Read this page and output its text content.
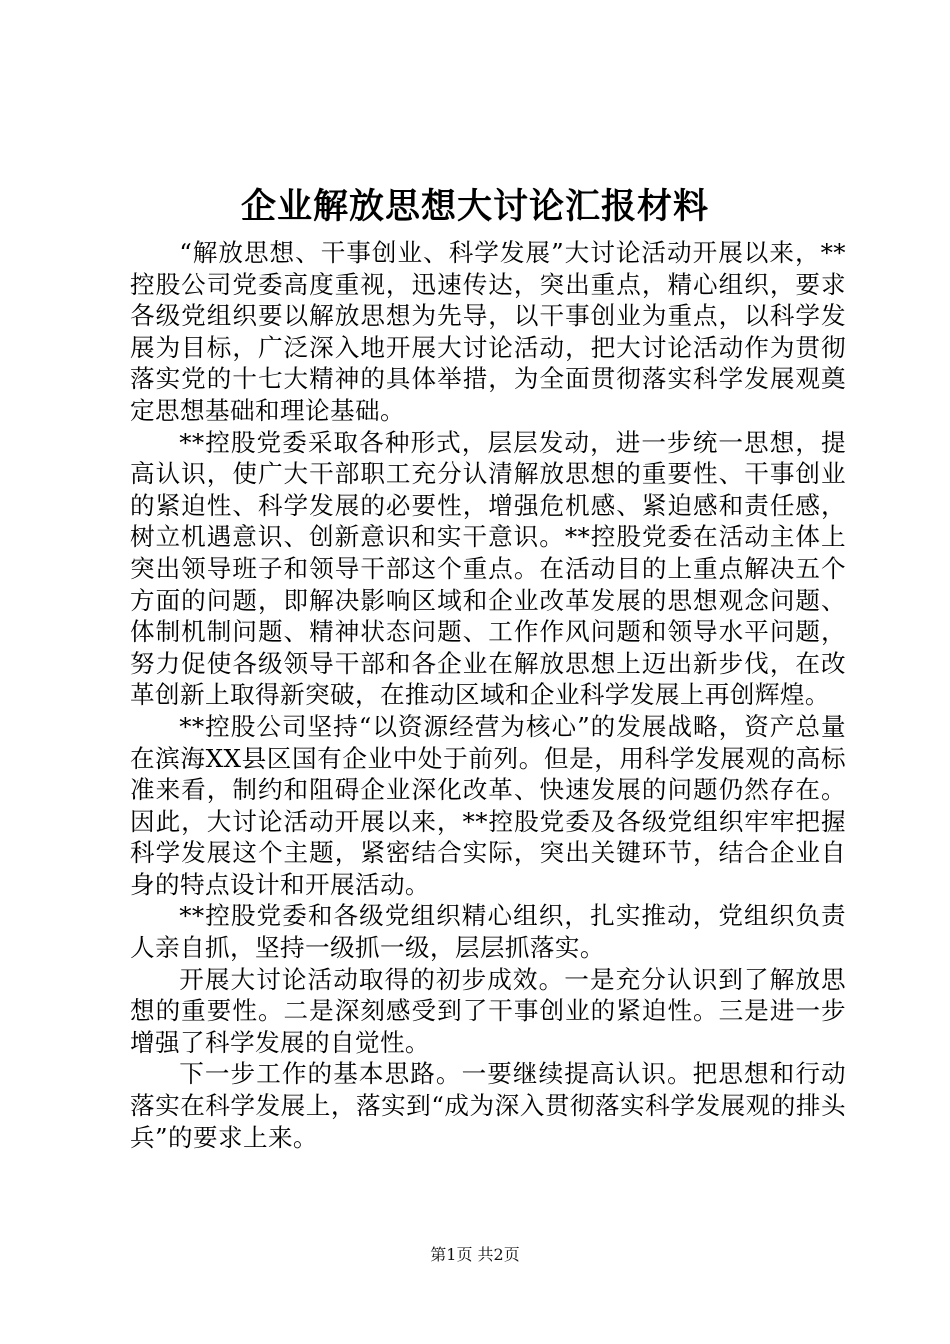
企业解放思想大讨论汇报材料

“解放思想、干事创业、科学发展”大讨论活动开展以来，**控股公司党委高度重视，迅速传达，突出重点，精心组织，要求各级党组织要以解放思想为先导，以干事创业为重点，以科学发展为目标，广泛深入地开展大讨论活动，把大讨论活动作为贯彻落实党的十七大精神的具体举措，为全面贯彻落实科学发展观奠定思想基础和理论基础。

**控股党委采取各种形式，层层发动，进一步统一思想，提高认识，使广大干部职工充分认清解放思想的重要性、干事创业的紧迫性、科学发展的必要性，增强危机感、紧迫感和责任感，树立机遇意识、创新意识和实干意识。**控股党委在活动主体上突出领导班子和领导干部这个重点。在活动目的上重点解决五个方面的问题，即解决影响区域和企业改革发展的思想观念问题、体制机制问题、精神状态问题、工作作风问题和领导水平问题，努力促使各级领导干部和各企业在解放思想上迈出新步伐，在改革创新上取得新突破，在推动区域和企业科学发展上再创辉煌。

**控股公司坚持“以资源经营为核心”的发展战略，资产总量在滨海XX县区国有企业中处于前列。但是，用科学发展观的高标准来看，制约和阻碍企业深化改革、快速发展的问题仍然存在。因此，大讨论活动开展以来，**控股党委及各级党组织牢牢把握科学发展这个主题，紧密结合实际，突出关键环节，结合企业自身的特点设计和开展活动。

**控股党委和各级党组织精心组织，扎实推动，党组织负责人亲自抓，坚持一级抓一级，层层抓落实。

开展大讨论活动取得的初步成效。一是充分认识到了解放思想的重要性。二是深刻感受到了干事创业的紧迫性。三是进一步增强了科学发展的自觉性。

下一步工作的基本思路。一要继续提高认识。把思想和行动落实在科学发展上，落实到“成为深入贯彻落实科学发展观的排头兵”的要求上来。

第1页 共2页
